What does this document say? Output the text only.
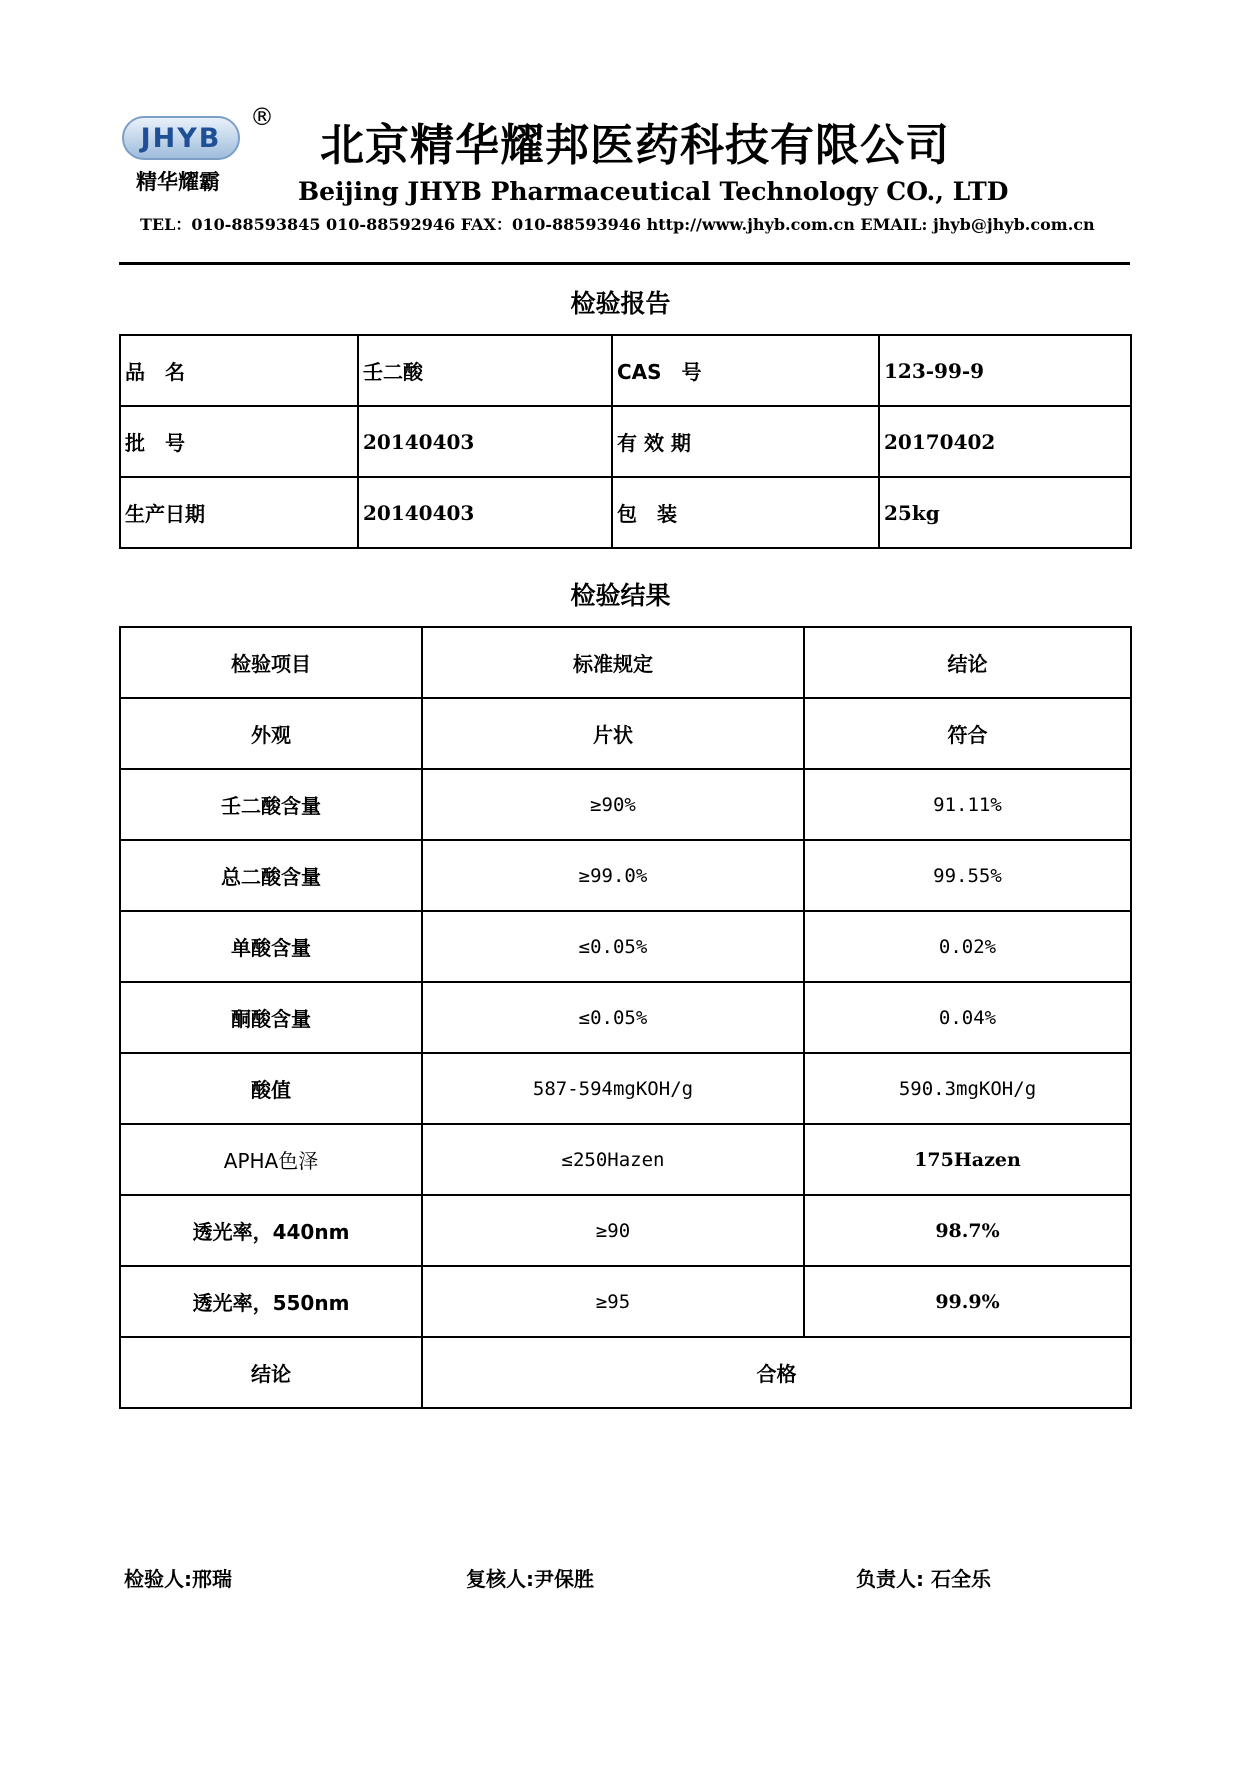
JHYB
®
精华耀霸
北京精华耀邦医药科技有限公司
Beijing JHYB Pharmaceutical Technology CO., LTD
TEL：010-88593845 010-88592946 FAX：010-88593946 http://www.jhyb.com.cn EMAIL: jhyb@jhyb.com.cn
检验报告
品　名	壬二酸	CAS　号	123-99-9
批　号	20140403	有 效 期	20170402
生产日期	20140403	包　装	25kg
检验结果
检验项目	标准规定	结论
外观	片状	符合
壬二酸含量	≥90%	91.11%
总二酸含量	≥99.0%	99.55%
单酸含量	≤0.05%	0.02%
酮酸含量	≤0.05%	0.04%
酸值	587-594mgKOH/g	590.3mgKOH/g
APHA色泽	≤250Hazen	175Hazen
透光率，440nm	≥90	98.7%
透光率，550nm	≥95	99.9%
结论	合格	
检验人:邢瑞	复核人:尹保胜	负责人: 石全乐
